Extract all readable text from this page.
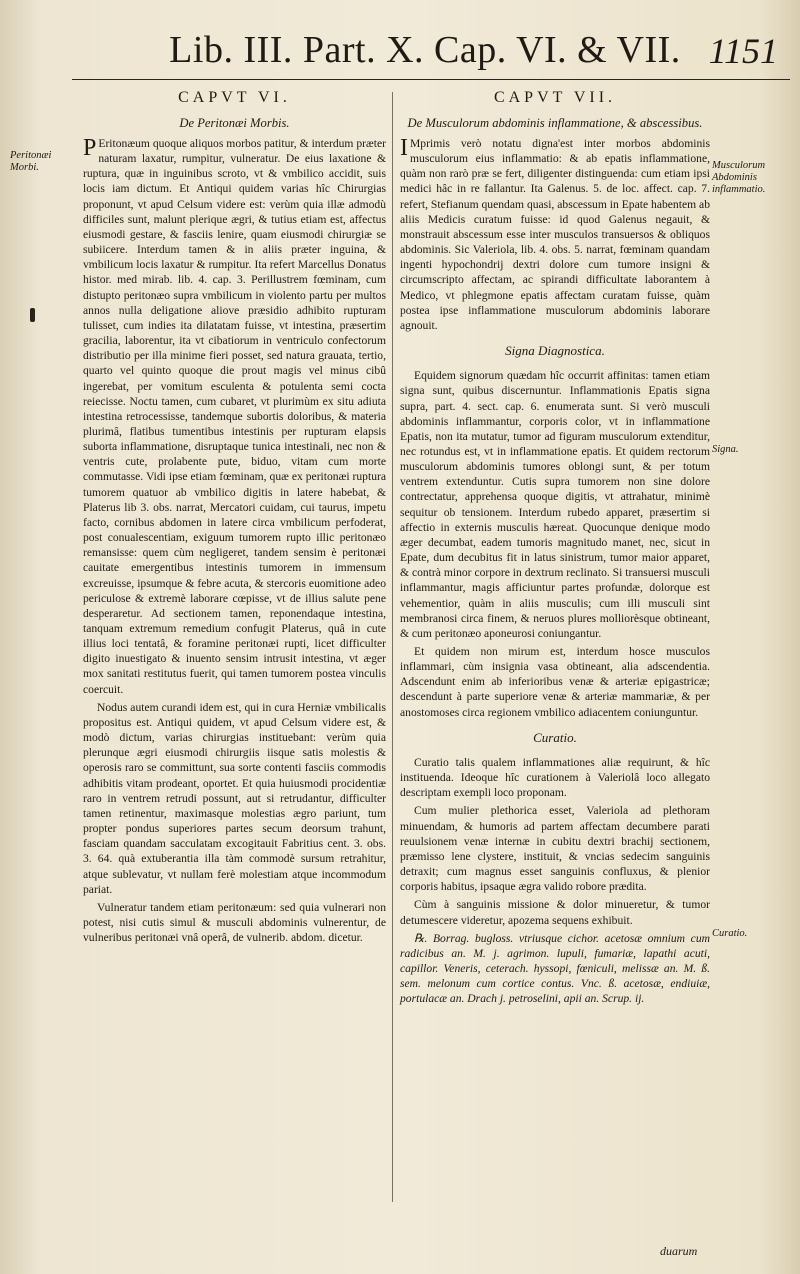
Lib. III. Part. X. Cap. VI. & VII. 1151
Peritonæi Morbi.
CAPVT VI.
De Peritonæi Morbis.

PEritonæum quoque aliquos morbos patitur, & interdum præter naturam laxatur, rumpitur, vulneratur. De eius laxatione & ruptura, quæ in inguinibus scroto, vt & vmbilico accidit, suis locis iam dictum. Et Antiqui quidem varias hîc Chirurgias proponunt, vt apud Celsum videre est: verùm quia illæ admodù difficiles sunt, malunt plerique ægri, & tutius etiam est, affectus eiusmodi gestare, & fasciis lenire, quam eiusmodi chirurgiæ se subiicere. Interdum tamen & in aliis præter inguina, & vmbilicum locis laxatur & rumpitur. Ita refert Marcellus Donatus histor. med mirab. lib. 4. cap. 3. Perillustrem fœminam, cum distupto peritonæo supra vmbilicum in violento partu per multos annos nulla deligatione aliove præsidio adhibito rupturam tulisset, cum indies ita dilatatam fuisse, vt intestina, præsertim gracilia, laborentur, ita vt cibatiorum in ventriculo confectorum distributio per illa minime fieri posset, sed natura grauata, tertio, quarto vel quinto quoque die prout magis vel minus cibû ingerebat, per vomitum esculenta & potulenta semi cocta reiecisse. Noctu tamen, cum cubaret, vt plurimùm ex situ adiuta intestina retrocessisse, tandemque subortis doloribus, & materia plurimâ, flatibus tumentibus intestinis per rupturam elapsis suborta inflammatione, disruptaque tunica intestinali, nec non & ventris cute, prolabente pute, biduo, vitam cum morte commutasse. Vidi ipse etiam fœminam, quæ ex peritonæi ruptura tumorem quatuor ab vmbilico digitis in latere habebat, & Platerus lib 3. obs. narrat, Mercatori cuidam, cui taurus, impetu facto, cornibus abdomen in latere circa vmbilicum perfoderat, post conualescentiam, exiguum tumorem rupto illic peritonæo remansisse: quem cùm negligeret, tandem sensim è peritonæi cauitate emergentibus intestinis tumorem in immensum excreuisse, ipsumque & febre acuta, & stercoris euomitione adeo periculose & extremè laborare cœpisse, vt de illius salute pene desperaretur. Ad sectionem tamen, reponendaque intestina, tanquam extremum remedium confugit Platerus, quâ in cute illius loci tentatâ, & foramine peritonæi rupti, licet difficulter digito inuestigato & inuento sensim intrusit intestina, vt æger mox sanitati restitutus fuerit, qui tamen tumorem postea vinculis coercuit.

Nodus autem curandi idem est, qui in cura Herniæ vmbilicalis propositus est. Antiqui quidem, vt apud Celsum videre est, & modò dictum, varias chirurgias instituebant: verùm quia plerunque ægri eiusmodi chirurgiis iisque satis molestis & operosis raro se committunt, sua sorte contenti fasciis commodis adhibitis vitam prodeant, oportet. Et quia huiusmodi procidentiæ raro in ventrem retrudi possunt, aut si retrudantur, difficulter tamen retinentur, maximasque molestias ægro pariunt, tum propter pondus superiores partes secum deorsum trahunt, fasciam quandam sacculatam excogitauit Fabritius cent. 3. obs. 3. 64. quà extuberantia illa tàm commodè sursum retrahitur, atque sublevatur, vt nullam ferè molestiam atque incommodum pariat.

Vulneratur tandem etiam peritonæum: sed quia vulnerari non potest, nisi cutis simul & musculi abdominis vulnerentur, de vulneribus peritonæi vnâ operâ, de vulnerib. abdom. dicetur.

CAPVT VII.
De Musculorum abdominis inflammatione, & abscessibus.

IMprimis verò notatu digna'est inter morbos abdominis musculorum eius inflammatio: & ab epatis inflammatione, quàm non rarò præ se fert, diligenter distinguenda: cum etiam ipsi medici hâc in re fallantur. Ita Galenus. 5. de loc. affect. cap. 7. refert, Stefianum quendam quasi, abscessum in Epate habentem ab aliis Medicis curatum fuisse: id quod Galenus negauit, & monstrauit abscessum esse inter musculos transuersos & obliquos abdominis. Sic Valeriola, lib. 4. obs. 5. narrat, fœminam quandam ingenti hypochondrij dextri dolore cum tumore insigni & circumscripto affectam, ac spirandi difficultate laborantem à Medico, vt phlegmone epatis affectam curatam fuisse, quàm postea ipse inflammatione musculorum abdominis laborare agnouit.

Signa Diagnostica.

Equidem signorum quædam hîc occurrit affinitas: tamen etiam signa sunt, quibus discernuntur. Inflammationis Epatis signa supra, part. 4. sect. cap. 6. enumerata sunt. Si verò musculi abdominis inflammantur, corporis color, vt in inflammatione Epatis, non ita mutatur, tumor ad figuram musculorum extenditur, nec rotundus est, vt in inflammatione epatis. Et quidem rectorum musculorum abdominis tumores oblongi sunt, & per totum ventrem extenduntur. Cutis supra tumorem non sine dolore contrectatur, apprehensa quoque digitis, vt attrahatur, minimè sequitur ob tensionem. Interdum rubedo apparet, præsertim si affectio in externis musculis hæreat. Quocunque denique modo æger decumbat, eadem tumoris magnitudo manet, nec, sicut in Epate, dum decubitus fit in latus sinistrum, tumor maior apparet, & contrà minor corpore in dextrum reclinato. Si transuersi musculi inflammantur, magis afficiuntur partes profundæ, dolorque est vehementior, quàm in aliis musculis; cum illi musculi sint membranosi circa finem, & neruos plures molliorèsque obtineant, & cum peritonæo aponeurosi coniungantur.

Et quidem non mirum est, interdum hosce musculos inflammari, cùm insignia vasa obtineant, alia adscendentia. Adscendunt enim ab inferioribus venæ & arteriæ epigastricæ; descendunt à parte superiore venæ & arteriæ mammariæ, & per anostomoses circa regionem vmbilico adiacentem coniunguntur.

Curatio.

Curatio talis qualem inflammationes aliæ requirunt, & hîc instituenda. Ideoque hîc curationem à Valeriolâ loco allegato descriptam exempli loco proponam.

Cum mulier plethorica esset, Valeriola ad plethoram minuendam, & humoris ad partem affectam decumbere parati reuulsionem venæ internæ in cubitu dextri brachij sectionem, præmisso lene clystere, instituit, & vncias sedecim sanguinis detraxit; cum magnus esset sanguinis confluxus, & plenior corporis habitus, ipsaque ægra valido robore prædita.

Cùm à sanguinis missione & dolor minueretur, & tumor detumescere videretur, apozema sequens exhibuit.

℞. Borrag. bugloss. vtriusque cichor. acetosæ omnium cum radicibus an. M. j. agrimon. lupuli, fumariæ, lapathi acuti, capillor. Veneris, ceterach. hyssopi, fœniculi, melissæ an. M. ß. sem. melonum cum cortice contus. Vnc. ß. acetosæ, endiuiæ, portulacæ an. Drach j. petroselini, apii an. Scrup. ij.

Musculorum Abdominis inflammatio.
Signa.
Curatio.
duarum
